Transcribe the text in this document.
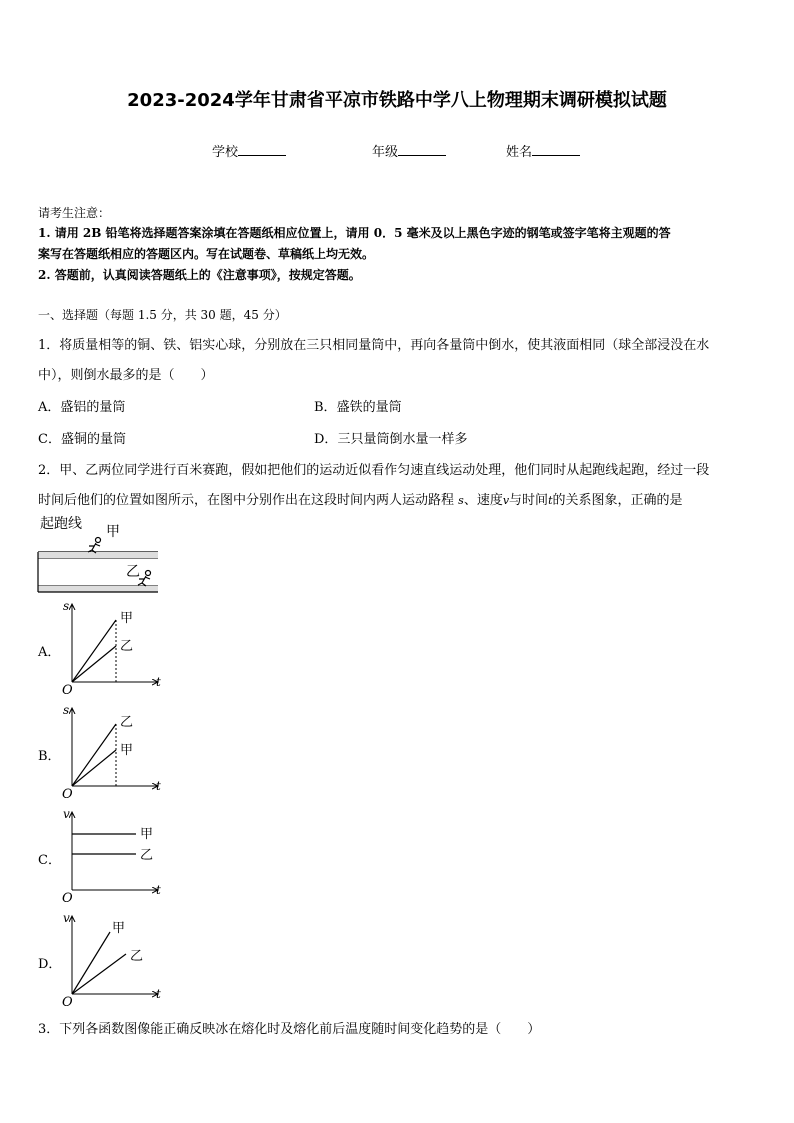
2023-2024学年甘肃省平凉市铁路中学八上物理期末调研模拟试题
学校	年级	姓名
请考生注意：
1. 请用 2B 铅笔将选择题答案涂填在答题纸相应位置上，请用 0．5 毫米及以上黑色字迹的钢笔或签字笔将主观题的答
案写在答题纸相应的答题区内。写在试题卷、草稿纸上均无效。
2. 答题前，认真阅读答题纸上的《注意事项》，按规定答题。
一、选择题（每题 1.5 分，共 30 题，45 分）
1．将质量相等的铜、铁、铝实心球，分别放在三只相同量筒中，再向各量筒中倒水，使其液面相同（球全部浸没在水
中），则倒水最多的是（　　）
A．盛铝的量筒	B．盛铁的量筒
C．盛铜的量筒	D．三只量筒倒水量一样多
2．甲、乙两位同学进行百米赛跑，假如把他们的运动近似看作匀速直线运动处理，他们同时从起跑线起跑，经过一段
时间后他们的位置如图所示，在图中分别作出在这段时间内两人运动路程 s、速度v与时间t的关系图象，正确的是
起跑线 甲
乙
A．
s
t
O
甲
乙
B．
s
t
O
乙
甲
C．
v
t
O
甲
乙
D．
v
t
O
甲
乙
3．下列各函数图像能正确反映冰在熔化时及熔化前后温度随时间变化趋势的是（　　）
